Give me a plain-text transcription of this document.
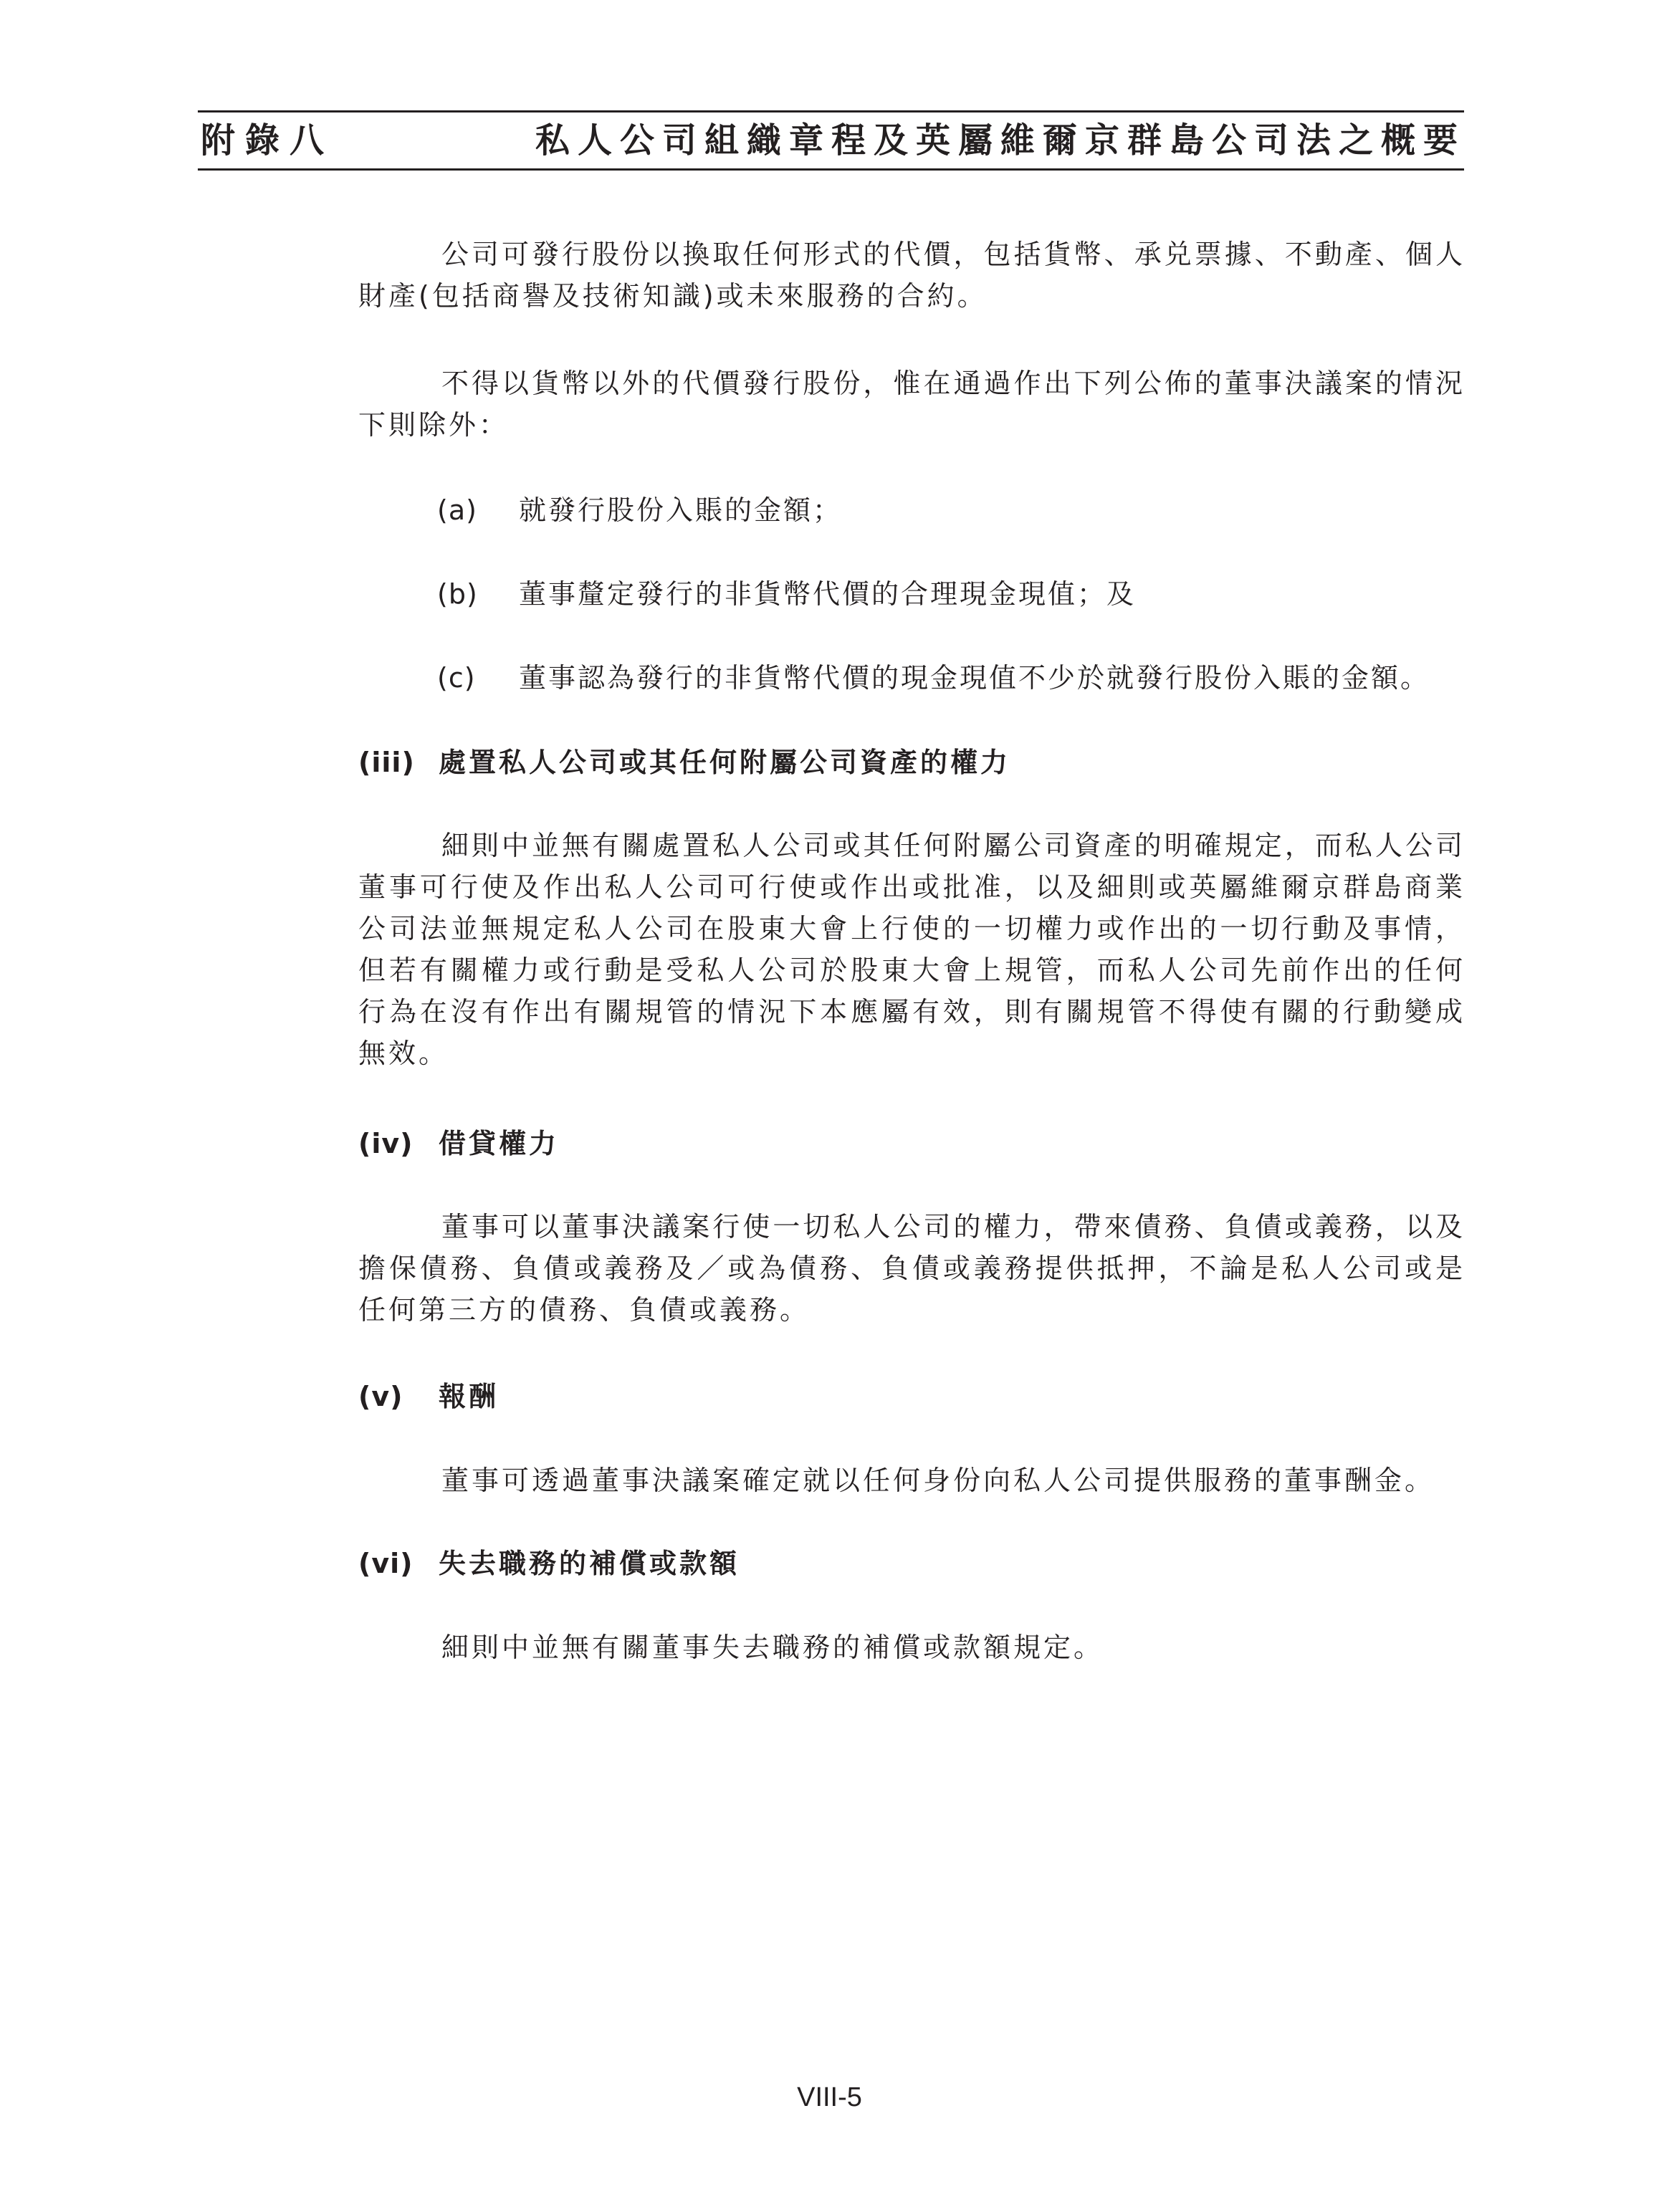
附錄八	私人公司組織章程及英屬維爾京群島公司法之概要

公司可發行股份以換取任何形式的代價，包括貨幣、承兑票據、不動產、個人財產(包括商譽及技術知識)或未來服務的合約。

不得以貨幣以外的代價發行股份，惟在通過作出下列公佈的董事決議案的情況下則除外：

(a) 就發行股份入賬的金額；
(b) 董事釐定發行的非貨幣代價的合理現金現值；及
(c) 董事認為發行的非貨幣代價的現金現值不少於就發行股份入賬的金額。
(iii) 處置私人公司或其任何附屬公司資產的權力

細則中並無有關處置私人公司或其任何附屬公司資產的明確規定，而私人公司董事可行使及作出私人公司可行使或作出或批准，以及細則或英屬維爾京群島商業公司法並無規定私人公司在股東大會上行使的一切權力或作出的一切行動及事情，但若有關權力或行動是受私人公司於股東大會上規管，而私人公司先前作出的任何行為在沒有作出有關規管的情況下本應屬有效，則有關規管不得使有關的行動變成無效。

(iv) 借貸權力

董事可以董事決議案行使一切私人公司的權力，帶來債務、負債或義務，以及擔保債務、負債或義務及／或為債務、負債或義務提供抵押，不論是私人公司或是任何第三方的債務、負債或義務。

(v) 報酬

董事可透過董事決議案確定就以任何身份向私人公司提供服務的董事酬金。

(vi) 失去職務的補償或款額

細則中並無有關董事失去職務的補償或款額規定。

VIII-5
